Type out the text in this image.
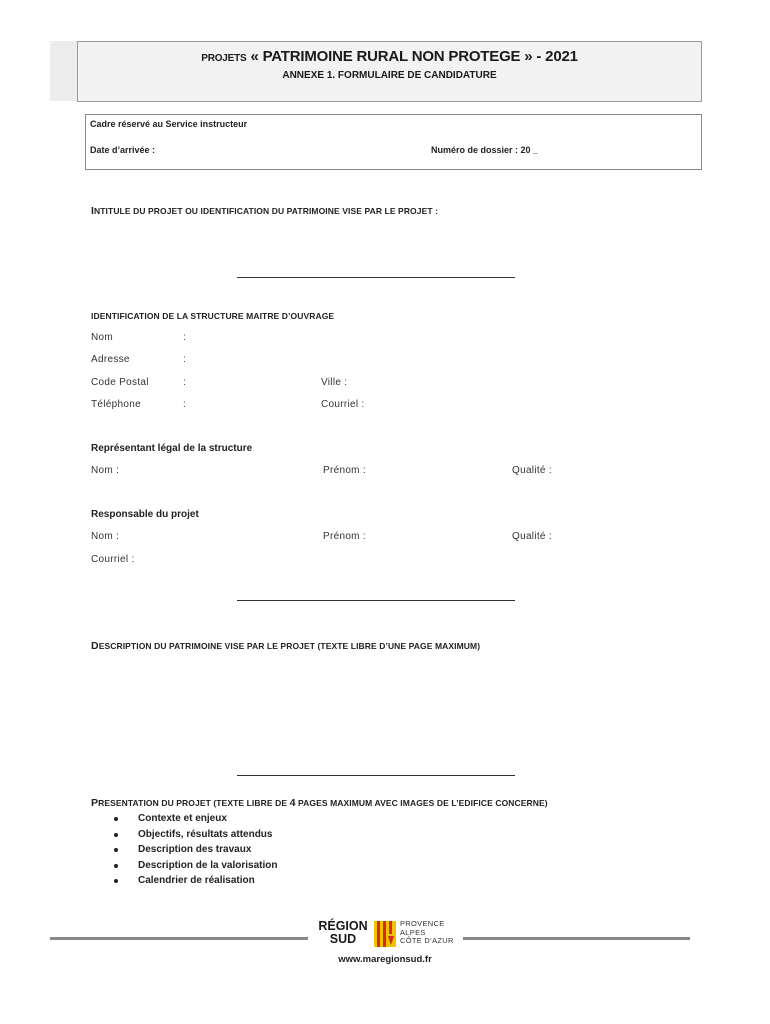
PROJETS « PATRIMOINE RURAL NON PROTEGE » - 2021
ANNEXE 1. FORMULAIRE DE CANDIDATURE
Cadre réservé au Service instructeur
Date d’arrivée :	Numéro de dossier : 20 _
INTITULE DU PROJET OU IDENTIFICATION DU PATRIMOINE VISE PAR LE PROJET :
IDENTIFICATION DE LA STRUCTURE MAITRE D’OUVRAGE
Nom	:
Adresse	:
Code Postal	:	Ville :
Téléphone	:	Courriel :
Représentant légal de la structure
Nom :	Prénom :	Qualité :
Responsable du projet
Nom :	Prénom :	Qualité :
Courriel :
DESCRIPTION DU PATRIMOINE VISE PAR LE PROJET (TEXTE LIBRE D’UNE PAGE MAXIMUM)
PRESENTATION DU PROJET (TEXTE LIBRE DE 4 PAGES MAXIMUM AVEC IMAGES DE L’EDIFICE CONCERNE)
Contexte et enjeux
Objectifs, résultats attendus
Description des travaux
Description de la valorisation
Calendrier de réalisation
RÉGION
SUD
PROVENCE
ALPES
CÔTE D’AZUR
www.maregionsud.fr
